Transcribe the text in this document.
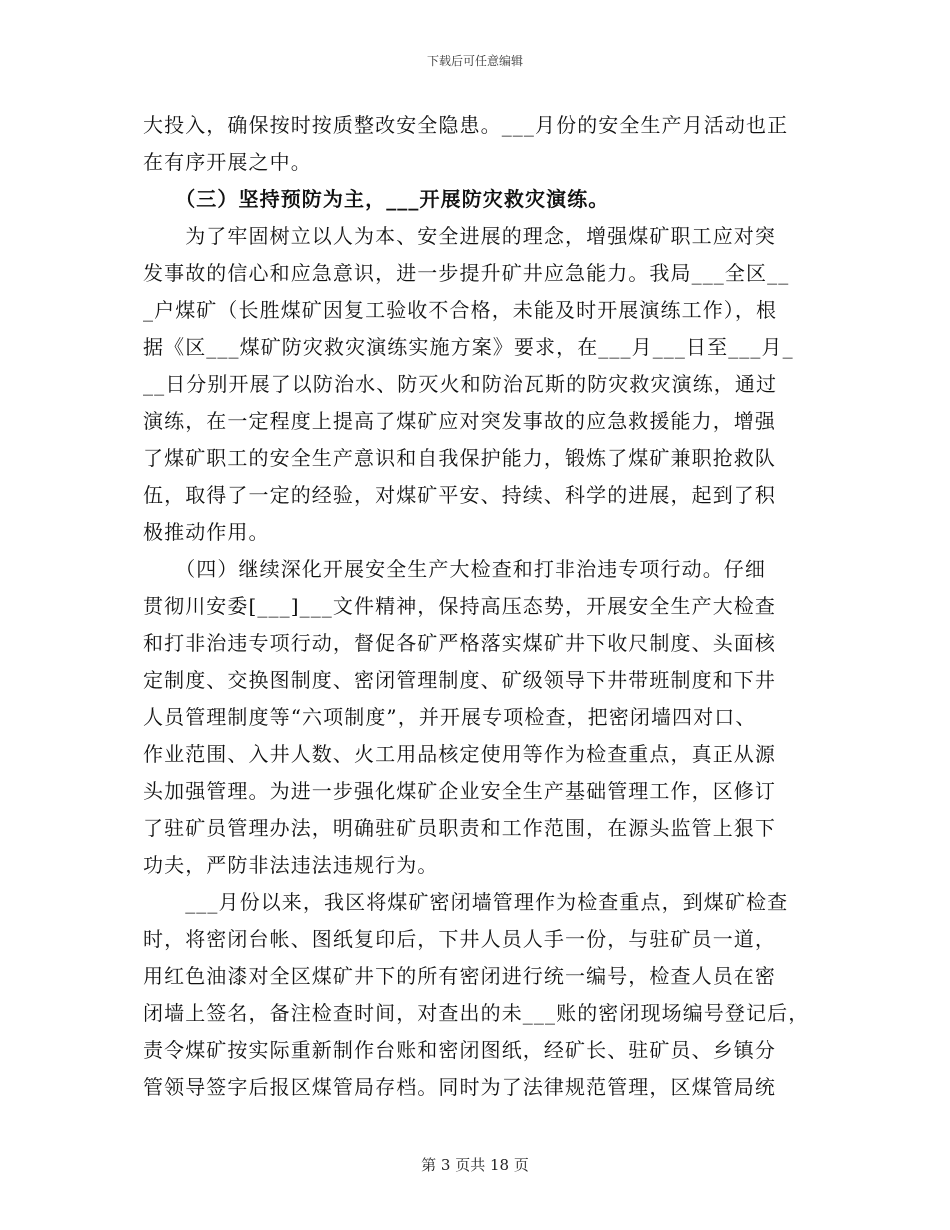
下载后可任意编辑
大投入，确保按时按质整改安全隐患。___月份的安全生产月活动也正
在有序开展之中。
　　（三）坚持预防为主，___开展防灾救灾演练。
　　为了牢固树立以人为本、安全进展的理念，增强煤矿职工应对突
发事故的信心和应急意识，进一步提升矿井应急能力。我局___全区__
_户煤矿（长胜煤矿因复工验收不合格，未能及时开展演练工作），根
据《区___煤矿防灾救灾演练实施方案》要求，在___月___日至___月_
__日分别开展了以防治水、防灭火和防治瓦斯的防灾救灾演练，通过
演练，在一定程度上提高了煤矿应对突发事故的应急救援能力，增强
了煤矿职工的安全生产意识和自我保护能力，锻炼了煤矿兼职抢救队
伍，取得了一定的经验，对煤矿平安、持续、科学的进展，起到了积
极推动作用。
　　（四）继续深化开展安全生产大检查和打非治违专项行动。仔细
贯彻川安委[___]___文件精神，保持高压态势，开展安全生产大检查
和打非治违专项行动，督促各矿严格落实煤矿井下收尺制度、头面核
定制度、交换图制度、密闭管理制度、矿级领导下井带班制度和下井
人员管理制度等“六项制度”，并开展专项检查，把密闭墙四对口、
作业范围、入井人数、火工用品核定使用等作为检查重点，真正从源
头加强管理。为进一步强化煤矿企业安全生产基础管理工作，区修订
了驻矿员管理办法，明确驻矿员职责和工作范围，在源头监管上狠下
功夫，严防非法违法违规行为。
　　___月份以来，我区将煤矿密闭墙管理作为检查重点，到煤矿检查
时，将密闭台帐、图纸复印后，下井人员人手一份，与驻矿员一道，
用红色油漆对全区煤矿井下的所有密闭进行统一编号，检查人员在密
闭墙上签名，备注检查时间，对查出的未___账的密闭现场编号登记后，
责令煤矿按实际重新制作台账和密闭图纸，经矿长、驻矿员、乡镇分
管领导签字后报区煤管局存档。同时为了法律规范管理，区煤管局统
第 3 页共 18 页
